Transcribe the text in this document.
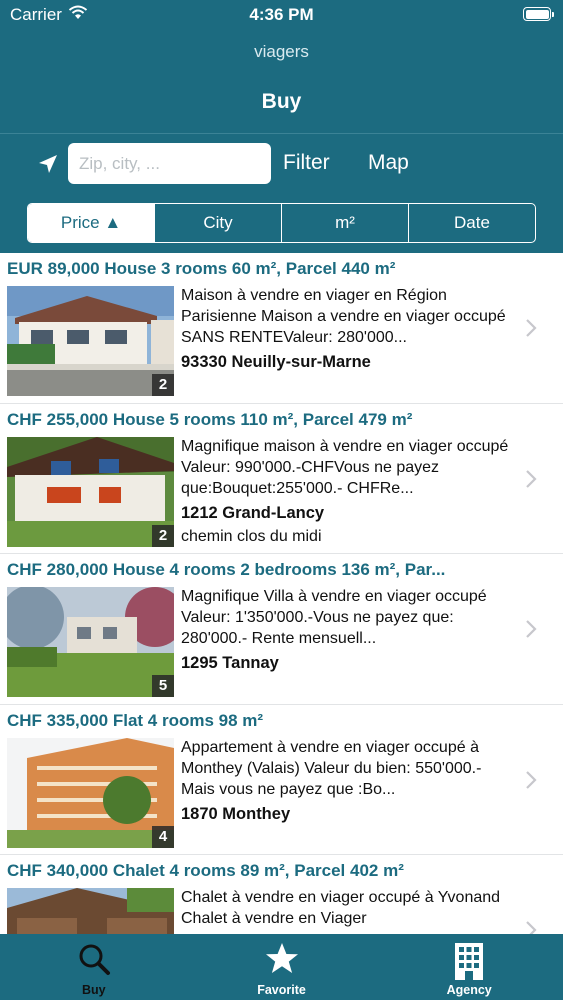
Carrier	4:36 PM
viagers
Buy
Zip, city, ...
Filter Map
Price ▲	City	m²	Date
EUR 89,000 House 3 rooms 60 m², Parcel 440 m²
2
Maison à vendre en viager en Région Parisienne Maison a vendre en viager occupé SANS RENTEValeur: 280'000...
93330 Neuilly-sur-Marne
CHF 255,000 House 5 rooms 110 m², Parcel 479 m²
2
Magnifique maison à vendre en viager occupé Valeur: 990'000.-CHFVous ne payez que:Bouquet:255'000.- CHFRe...
1212 Grand-Lancy
chemin clos du midi
CHF 280,000 House 4 rooms 2 bedrooms 136 m², Par...
5
Magnifique Villa à vendre en viager occupé Valeur: 1'350'000.-Vous ne payez que: 280'000.- Rente mensuell...
1295 Tannay
CHF 335,000 Flat 4 rooms 98 m²
4
Appartement à vendre en viager occupé à Monthey (Valais) Valeur du bien: 550'000.-Mais vous ne payez que :Bo...
1870 Monthey
CHF 340,000 Chalet 4 rooms 89 m², Parcel 402 m²
Chalet à vendre en viager occupé à Yvonand Chalet à vendre en Viager
Buy	Favorite	Agency
